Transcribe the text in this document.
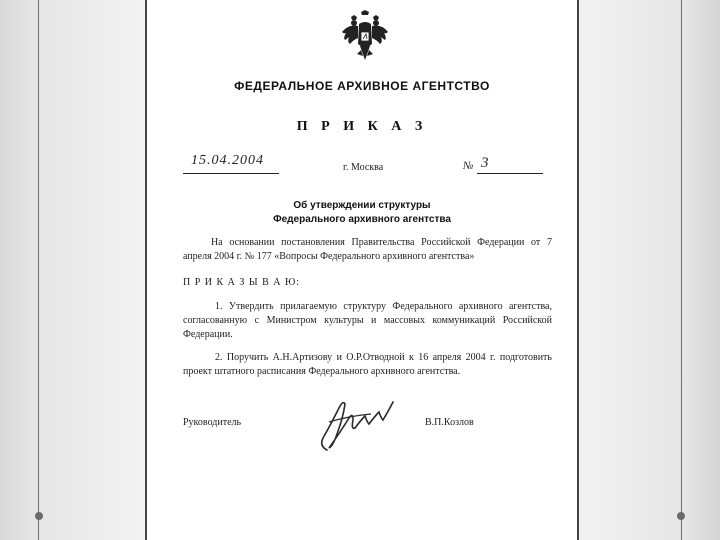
ФЕДЕРАЛЬНОЕ АРХИВНОЕ АГЕНТСТВО
П Р И К А З
15.04.2004	г. Москва	№ 3
Об утверждении структуры
Федерального архивного агентства
На основании постановления Правительства Российской Федерации от 7 апреля 2004 г. № 177 «Вопросы Федерального архивного агентства»
П Р И К А З Ы В А Ю:
1. Утвердить прилагаемую структуру Федерального архивного агентства, согласованную с Министром культуры и массовых коммуникаций Российской Федерации.
2. Поручить А.Н.Артизову и О.Р.Отводной к 16 апреля 2004 г. подготовить проект штатного расписания Федерального архивного агентства.
Руководитель	В.П.Козлов
